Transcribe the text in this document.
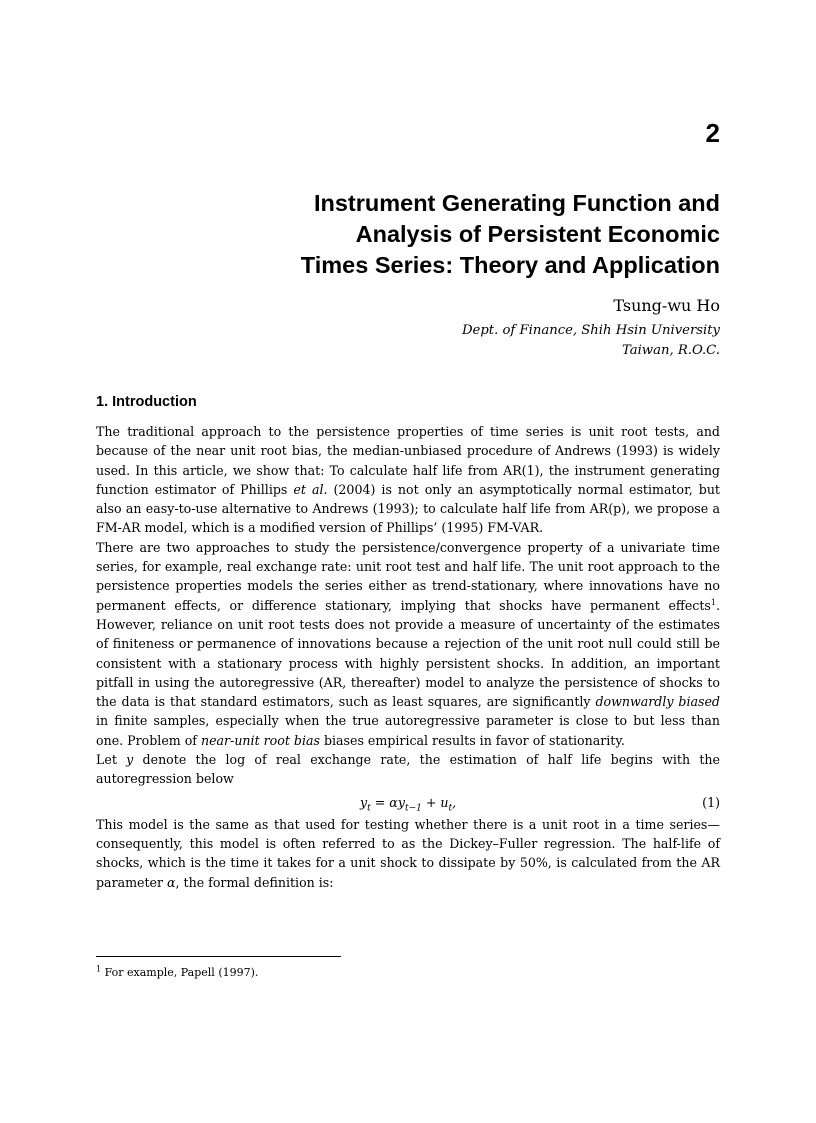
2
Instrument Generating Function and
Analysis of Persistent Economic
Times Series: Theory and Application
Tsung-wu Ho
Dept. of Finance, Shih Hsin University
Taiwan, R.O.C.
1. Introduction

The traditional approach to the persistence properties of time series is unit root tests, and because of the near unit root bias, the median-unbiased procedure of Andrews (1993) is widely used. In this article, we show that: To calculate half life from AR(1), the instrument generating function estimator of Phillips et al. (2004) is not only an asymptotically normal estimator, but also an easy-to-use alternative to Andrews (1993); to calculate half life from AR(p), we propose a FM-AR model, which is a modified version of Phillips’ (1995) FM-VAR.

There are two approaches to study the persistence/convergence property of a univariate time series, for example, real exchange rate: unit root test and half life. The unit root approach to the persistence properties models the series either as trend-stationary, where innovations have no permanent effects, or difference stationary, implying that shocks have permanent effects$^1$. However, reliance on unit root tests does not provide a measure of uncertainty of the estimates of finiteness or permanence of innovations because a rejection of the unit root null could still be consistent with a stationary process with highly persistent shocks. In addition, an important pitfall in using the autoregressive (AR, thereafter) model to analyze the persistence of shocks to the data is that standard estimators, such as least squares, are significantly downwardly biased in finite samples, especially when the true autoregressive parameter is close to but less than one. Problem of near-unit root bias biases empirical results in favor of stationarity.

Let y denote the log of real exchange rate, the estimation of half life begins with the autoregression below

$y_t = \alpha y_{t-1} + u_t$,	(1)

This model is the same as that used for testing whether there is a unit root in a time series—consequently, this model is often referred to as the Dickey–Fuller regression. The half-life of shocks, which is the time it takes for a unit shock to dissipate by 50%, is calculated from the AR parameter α, the formal definition is:

$^1$ For example, Papell (1997).
